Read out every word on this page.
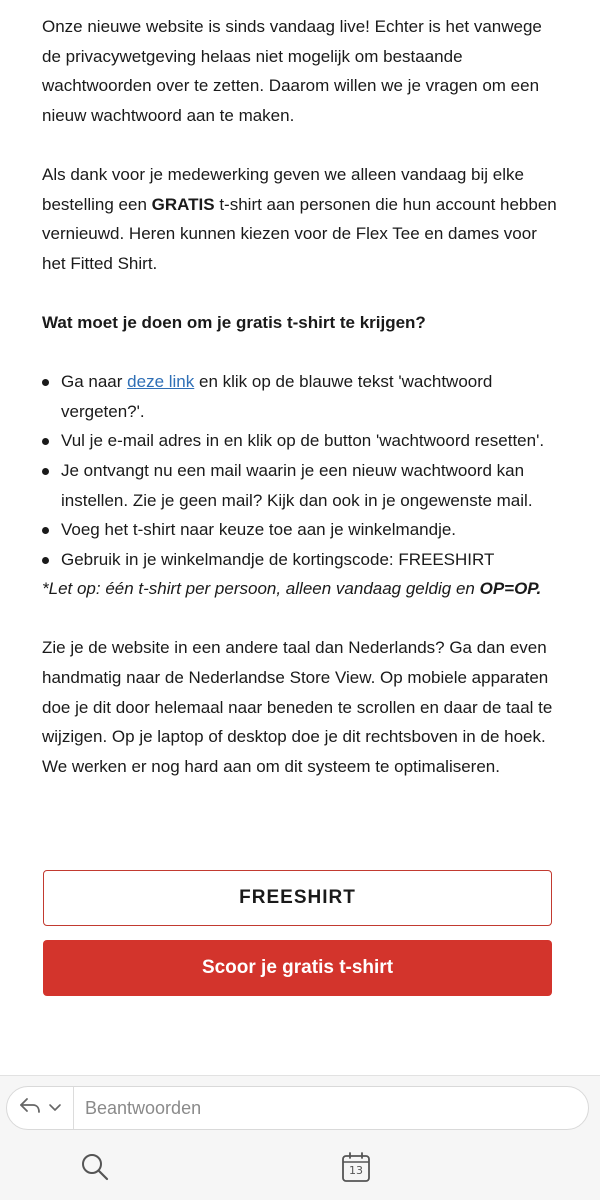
Onze nieuwe website is sinds vandaag live! Echter is het vanwege de privacywetgeving helaas niet mogelijk om bestaande wachtwoorden over te zetten. Daarom willen we je vragen om een nieuw wachtwoord aan te maken.

Als dank voor je medewerking geven we alleen vandaag bij elke bestelling een GRATIS t-shirt aan personen die hun account hebben vernieuwd. Heren kunnen kiezen voor de Flex Tee en dames voor het Fitted Shirt.

Wat moet je doen om je gratis t-shirt te krijgen?

Ga naar deze link en klik op de blauwe tekst 'wachtwoord vergeten?'.
Vul je e-mail adres in en klik op de button 'wachtwoord resetten'.
Je ontvangt nu een mail waarin je een nieuw wachtwoord kan instellen. Zie je geen mail? Kijk dan ook in je ongewenste mail.
Voeg het t-shirt naar keuze toe aan je winkelmandje.
Gebruik in je winkelmandje de kortingscode: FREESHIRT

*Let op: één t-shirt per persoon, alleen vandaag geldig en OP=OP.

Zie je de website in een andere taal dan Nederlands? Ga dan even handmatig naar de Nederlandse Store View. Op mobiele apparaten doe je dit door helemaal naar beneden te scrollen en daar de taal te wijzigen. Op je laptop of desktop doe je dit rechtsboven in de hoek. We werken er nog hard aan om dit systeem te optimaliseren.

FREESHIRT
Scoor je gratis t-shirt
Beantwoorden
13
